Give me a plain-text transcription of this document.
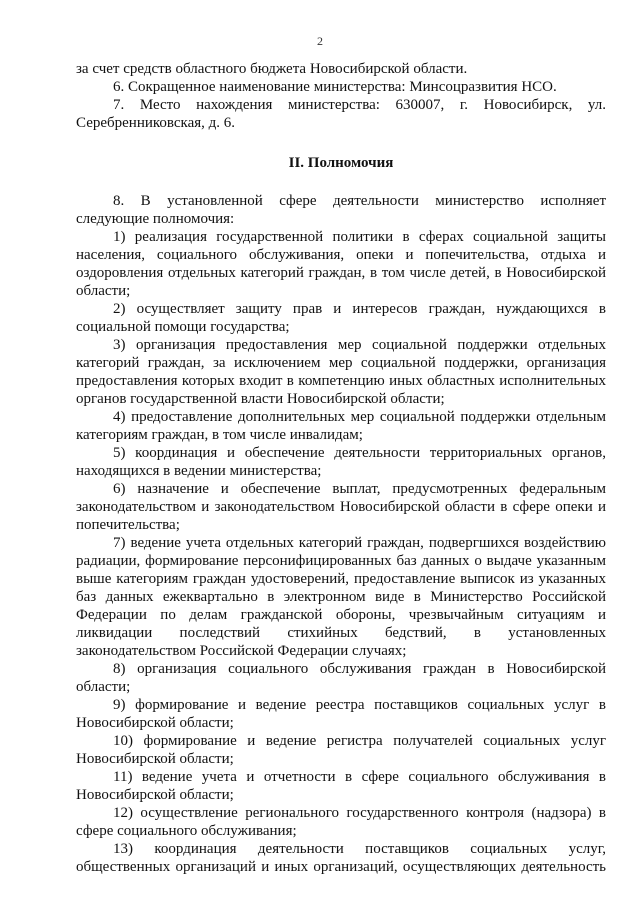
2

за счет средств областного бюджета Новосибирской области.

6. Сокращенное наименование министерства: Минсоцразвития НСО.

7. Место нахождения министерства: 630007, г. Новосибирск, ул. Серебренниковская, д. 6.

II. Полномочия

8. В установленной сфере деятельности министерство исполняет следующие полномочия:

1) реализация государственной политики в сферах социальной защиты населения, социального обслуживания, опеки и попечительства, отдыха и оздоровления отдельных категорий граждан, в том числе детей, в Новосибирской области;

2) осуществляет защиту прав и интересов граждан, нуждающихся в социальной помощи государства;

3) организация предоставления мер социальной поддержки отдельных категорий граждан, за исключением мер социальной поддержки, организация предоставления которых входит в компетенцию иных областных исполнительных органов государственной власти Новосибирской области;

4) предоставление дополнительных мер социальной поддержки отдельным категориям граждан, в том числе инвалидам;

5) координация и обеспечение деятельности территориальных органов, находящихся в ведении министерства;

6) назначение и обеспечение выплат, предусмотренных федеральным законодательством и законодательством Новосибирской области в сфере опеки и попечительства;

7) ведение учета отдельных категорий граждан, подвергшихся воздействию радиации, формирование персонифицированных баз данных о выдаче указанным выше категориям граждан удостоверений, предоставление выписок из указанных баз данных ежеквартально в электронном виде в Министерство Российской Федерации по делам гражданской обороны, чрезвычайным ситуациям и ликвидации последствий стихийных бедствий, в установленных законодательством Российской Федерации случаях;

8) организация социального обслуживания граждан в Новосибирской области;

9) формирование и ведение реестра поставщиков социальных услуг в Новосибирской области;

10) формирование и ведение регистра получателей социальных услуг Новосибирской области;

11) ведение учета и отчетности в сфере социального обслуживания в Новосибирской области;

12) осуществление регионального государственного контроля (надзора) в сфере социального обслуживания;

13) координация деятельности поставщиков социальных услуг, общественных организаций и иных организаций, осуществляющих деятельность
